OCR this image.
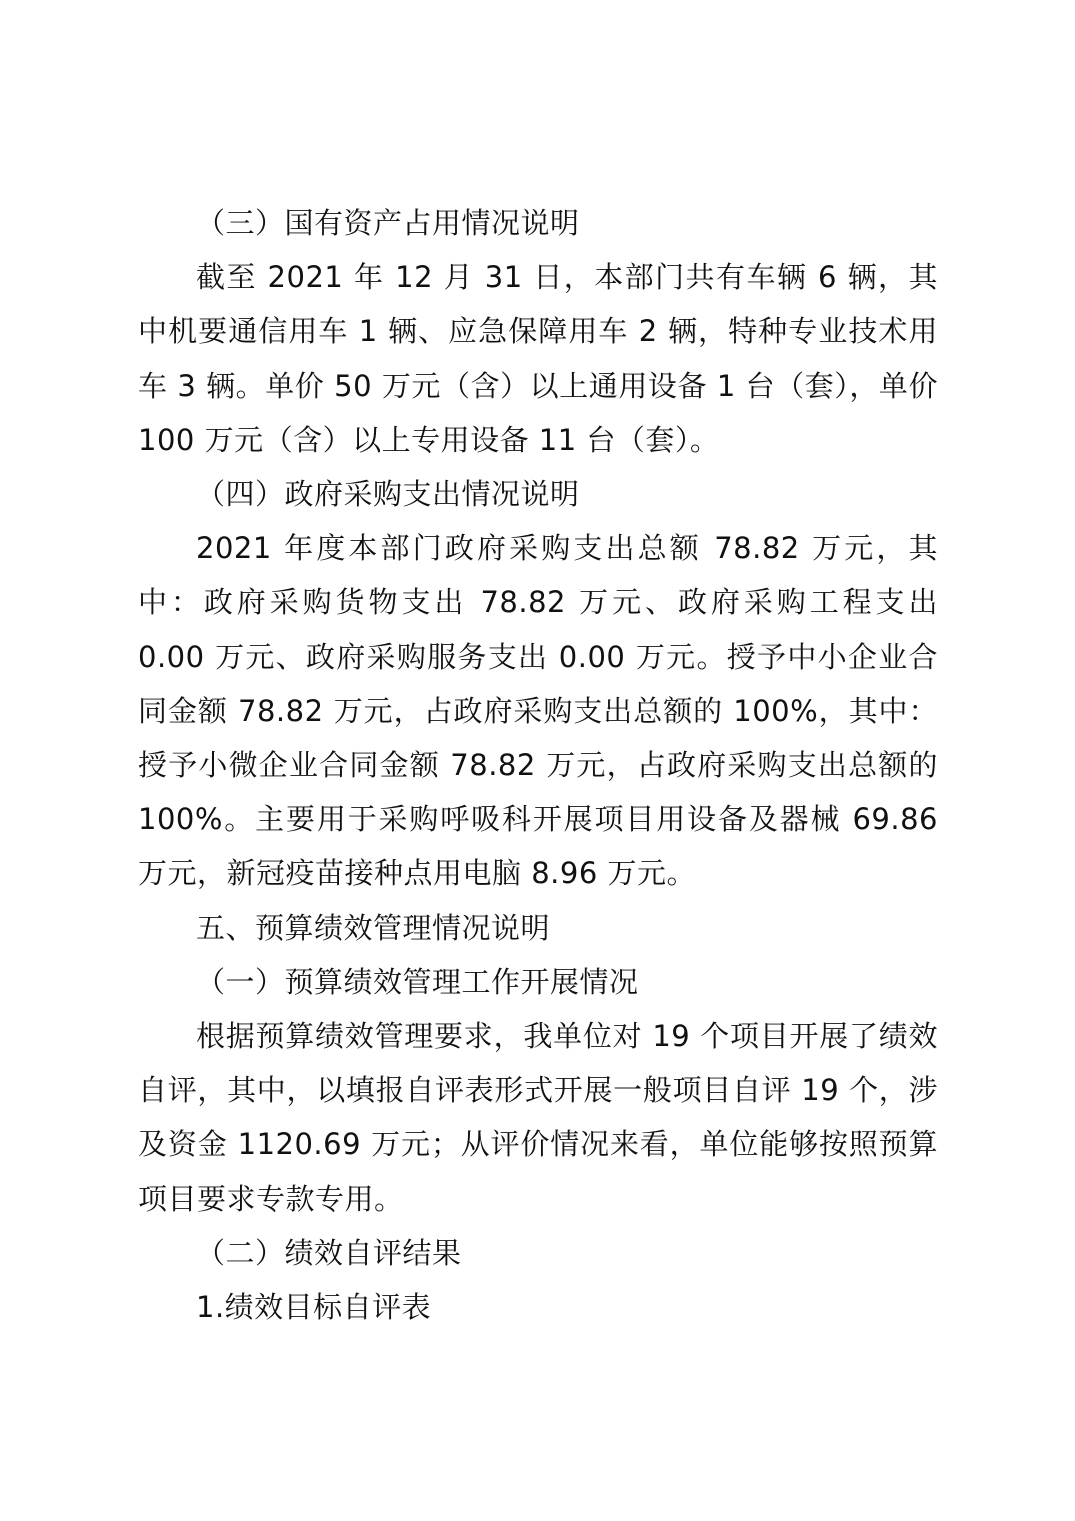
（三）国有资产占用情况说明

截至 2021 年 12 月 31 日，本部门共有车辆 6 辆，其中机要通信用车 1 辆、应急保障用车 2 辆，特种专业技术用车 3 辆。单价 50 万元（含）以上通用设备 1 台（套），单价 100 万元（含）以上专用设备 11 台（套）。

（四）政府采购支出情况说明

2021 年度本部门政府采购支出总额 78.82 万元，其中：政府采购货物支出 78.82 万元、政府采购工程支出 0.00 万元、政府采购服务支出 0.00 万元。授予中小企业合同金额 78.82 万元，占政府采购支出总额的 100%，其中：授予小微企业合同金额 78.82 万元，占政府采购支出总额的 100%。主要用于采购呼吸科开展项目用设备及器械 69.86 万元，新冠疫苗接种点用电脑 8.96 万元。

五、预算绩效管理情况说明

（一）预算绩效管理工作开展情况

根据预算绩效管理要求，我单位对 19 个项目开展了绩效自评，其中，以填报自评表形式开展一般项目自评 19 个，涉及资金 1120.69 万元；从评价情况来看，单位能够按照预算项目要求专款专用。

（二）绩效自评结果

1.绩效目标自评表
